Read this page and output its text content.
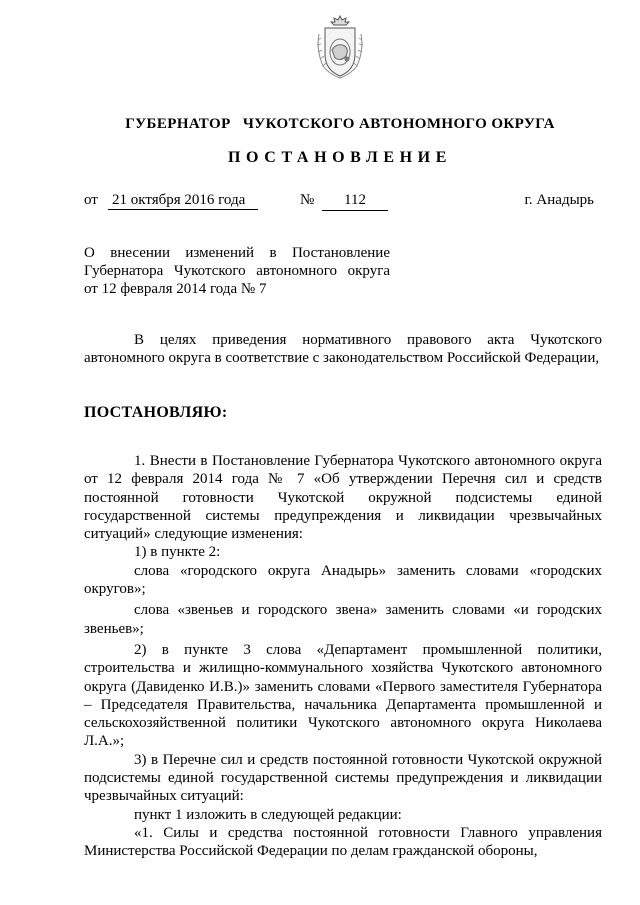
ГУБЕРНАТОР ЧУКОТСКОГО АВТОНОМНОГО ОКРУГА
ПОСТАНОВЛЕНИЕ
от 21 октября 2016 года	№	112	г. Анадырь
О внесении изменений в Постановление
Губернатора Чукотского автономного округа
от 12 февраля 2014 года № 7

В целях приведения нормативного правового акта Чукотского автономного округа в соответствие с законодательством Российской Федерации,

ПОСТАНОВЛЯЮ:

1. Внести в Постановление Губернатора Чукотского автономного округа от 12 февраля 2014 года № 7 «Об утверждении Перечня сил и средств постоянной готовности Чукотской окружной подсистемы единой государственной системы предупреждения и ликвидации чрезвычайных ситуаций» следующие изменения:

1) в пункте 2:

слова «городского округа Анадырь» заменить словами «городских округов»;

слова «звеньев и городского звена» заменить словами «и городских звеньев»;

2) в пункте 3 слова «Департамент промышленной политики, строительства и жилищно-коммунального хозяйства Чукотского автономного округа (Давиденко И.В.)» заменить словами «Первого заместителя Губернатора – Председателя Правительства, начальника Департамента промышленной и сельскохозяйственной политики Чукотского автономного округа Николаева Л.А.»;

3) в Перечне сил и средств постоянной готовности Чукотской окружной подсистемы единой государственной системы предупреждения и ликвидации чрезвычайных ситуаций:

пункт 1 изложить в следующей редакции:

«1. Силы и средства постоянной готовности Главного управления Министерства Российской Федерации по делам гражданской обороны,
